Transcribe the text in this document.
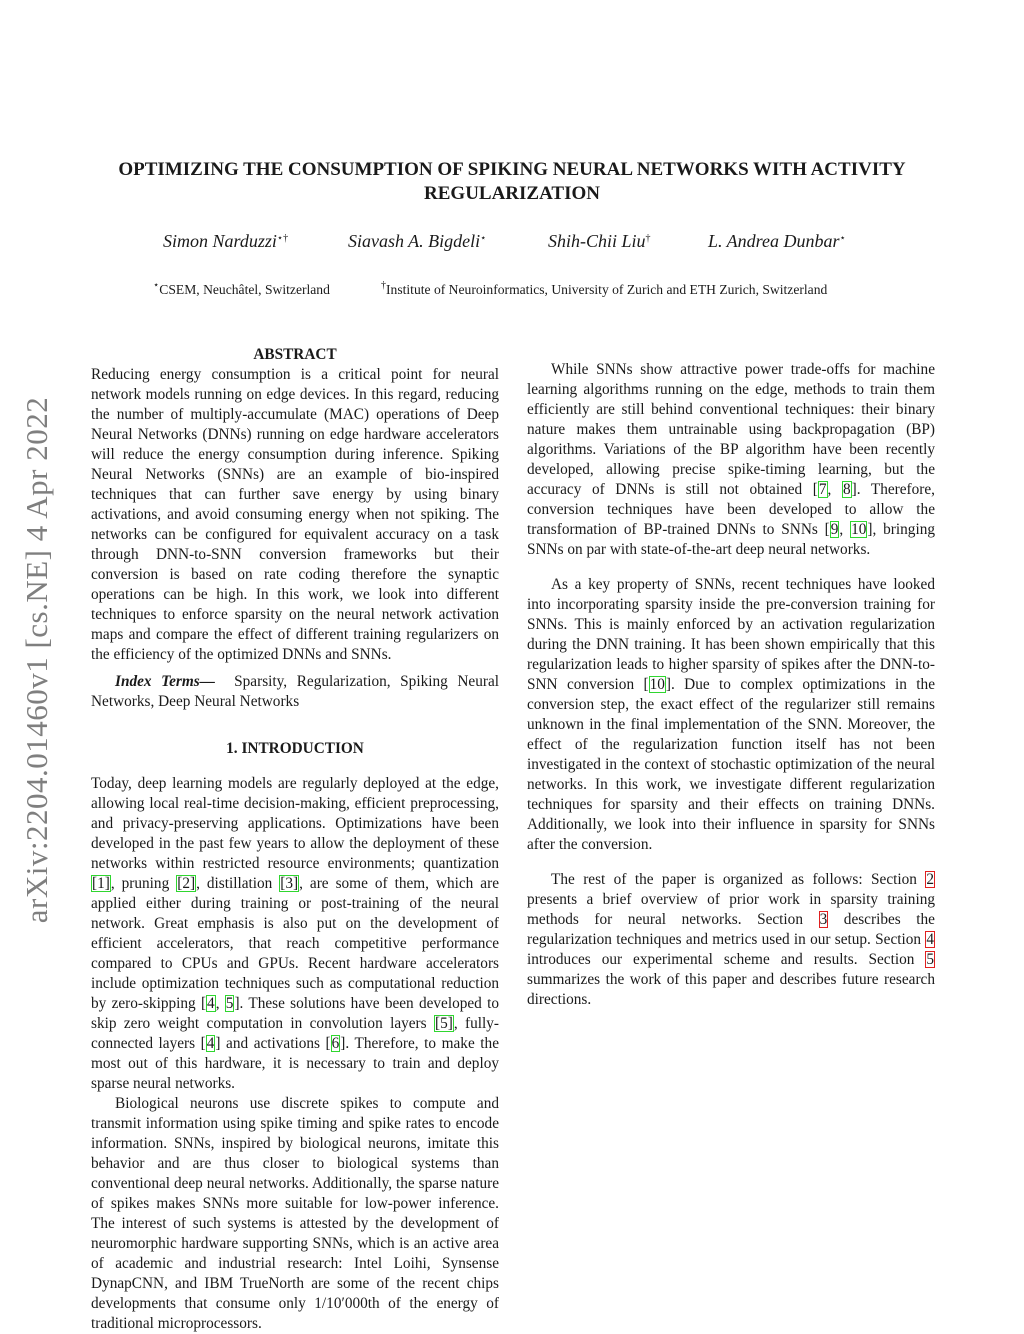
arXiv:2204.01460v1 [cs.NE] 4 Apr 2022
OPTIMIZING THE CONSUMPTION OF SPIKING NEURAL NETWORKS WITH ACTIVITY REGULARIZATION
Simon Narduzzi⋆†	Siavash A. Bigdeli⋆	Shih-Chii Liu†	L. Andrea Dunbar⋆
⋆CSEM, Neuchâtel, Switzerland	†Institute of Neuroinformatics, University of Zurich and ETH Zurich, Switzerland

ABSTRACT

Reducing energy consumption is a critical point for neural network models running on edge devices. In this regard, reducing the number of multiply-accumulate (MAC) operations of Deep Neural Networks (DNNs) running on edge hardware accelerators will reduce the energy consumption during inference. Spiking Neural Networks (SNNs) are an example of bio-inspired techniques that can further save energy by using binary activations, and avoid consuming energy when not spiking. The networks can be configured for equivalent accuracy on a task through DNN-to-SNN conversion frameworks but their conversion is based on rate coding therefore the synaptic operations can be high. In this work, we look into different techniques to enforce sparsity on the neural network activation maps and compare the effect of different training regularizers on the efficiency of the optimized DNNs and SNNs.

Index Terms— Sparsity, Regularization, Spiking Neural Networks, Deep Neural Networks

1. INTRODUCTION

Today, deep learning models are regularly deployed at the edge, allowing local real-time decision-making, efficient preprocessing, and privacy-preserving applications. Optimizations have been developed in the past few years to allow the deployment of these networks within restricted resource environments; quantization [1], pruning [2], distillation [3], are some of them, which are applied either during training or post-training of the neural network. Great emphasis is also put on the development of efficient accelerators, that reach competitive performance compared to CPUs and GPUs. Recent hardware accelerators include optimization techniques such as computational reduction by zero-skipping [4, 5]. These solutions have been developed to skip zero weight computation in convolution layers [5], fully-connected layers [4] and activations [6]. Therefore, to make the most out of this hardware, it is necessary to train and deploy sparse neural networks.

Biological neurons use discrete spikes to compute and transmit information using spike timing and spike rates to encode information. SNNs, inspired by biological neurons, imitate this behavior and are thus closer to biological systems than conventional deep neural networks. Additionally, the sparse nature of spikes makes SNNs more suitable for low-power inference. The interest of such systems is attested by the development of neuromorphic hardware supporting SNNs, which is an active area of academic and industrial research: Intel Loihi, Synsense DynapCNN, and IBM TrueNorth are some of the recent chips developments that consume only 1/10′000th of the energy of traditional microprocessors.

While SNNs show attractive power trade-offs for machine learning algorithms running on the edge, methods to train them efficiently are still behind conventional techniques: their binary nature makes them untrainable using backpropagation (BP) algorithms. Variations of the BP algorithm have been recently developed, allowing precise spike-timing learning, but the accuracy of DNNs is still not obtained [7, 8]. Therefore, conversion techniques have been developed to allow the transformation of BP-trained DNNs to SNNs [9, 10], bringing SNNs on par with state-of-the-art deep neural networks.

As a key property of SNNs, recent techniques have looked into incorporating sparsity inside the pre-conversion training for SNNs. This is mainly enforced by an activation regularization during the DNN training. It has been shown empirically that this regularization leads to higher sparsity of spikes after the DNN-to-SNN conversion [10]. Due to complex optimizations in the conversion step, the exact effect of the regularizer still remains unknown in the final implementation of the SNN. Moreover, the effect of the regularization function itself has not been investigated in the context of stochastic optimization of the neural networks. In this work, we investigate different regularization techniques for sparsity and their effects on training DNNs. Additionally, we look into their influence in sparsity for SNNs after the conversion.

The rest of the paper is organized as follows: Section 2 presents a brief overview of prior work in sparsity training methods for neural networks. Section 3 describes the regularization techniques and metrics used in our setup. Section 4 introduces our experimental scheme and results. Section 5 summarizes the work of this paper and describes future research directions.
